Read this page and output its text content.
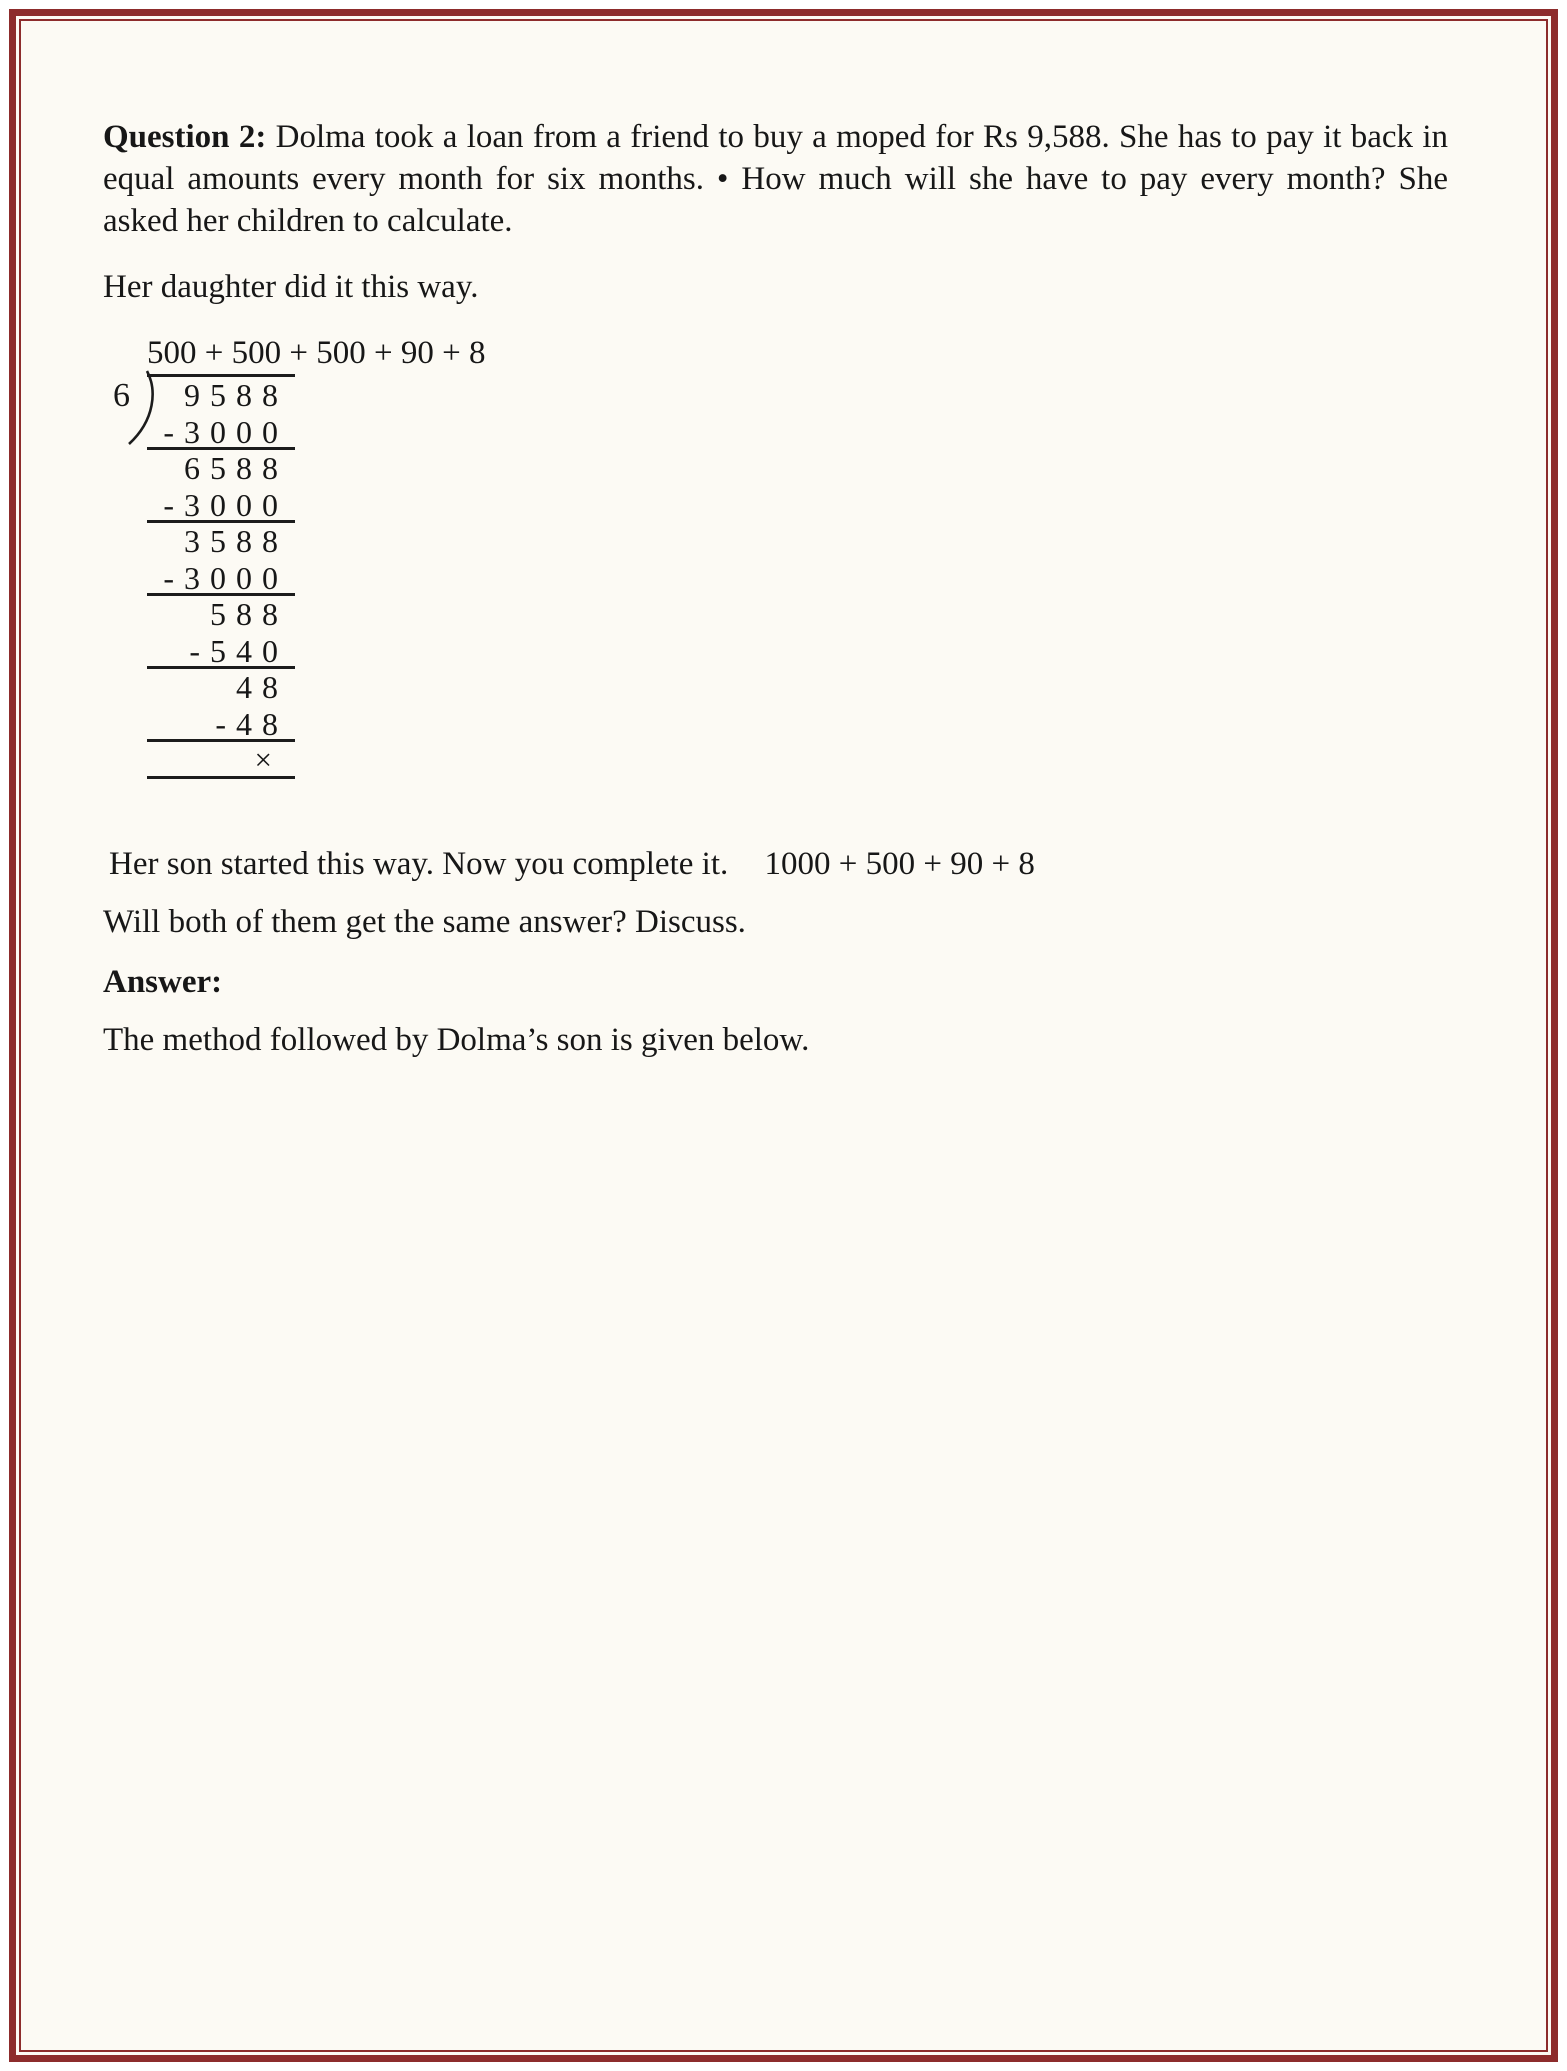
Question 2: Dolma took a loan from a friend to buy a moped for Rs 9,588. She has to pay it back in equal amounts every month for six months. • How much will she have to pay every month? She asked her children to calculate.

Her daughter did it this way.

500 + 500 + 500 + 90 + 8
6	9 5 8 8
- 3 0 0 0
6 5 8 8
- 3 0 0 0
3 5 8 8
- 3 0 0 0
5 8 8
- 5 4 0
4 8
- 4 8
×

Her son started this way. Now you complete it. 1000 + 500 + 90 + 8

Will both of them get the same answer? Discuss.

Answer:

The method followed by Dolma’s son is given below.
